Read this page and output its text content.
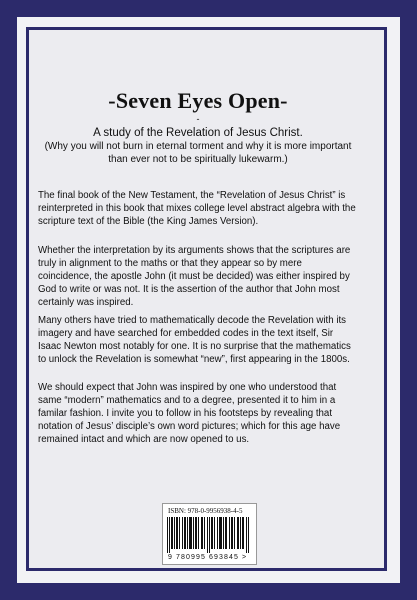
-Seven Eyes Open-

-

A study of the Revelation of Jesus Christ.

(Why you will not burn in eternal torment and why it is more important than ever not to be spiritually lukewarm.)

The final book of the New Testament, the “Revelation of Jesus Christ” is reinterpreted in this book that mixes college level abstract algebra with the scripture text of the Bible (the King James Version).

Whether the interpretation by its arguments shows that the scriptures are truly in alignment to the maths or that they appear so by mere coincidence, the apostle John (it must be decided) was either inspired by God to write or was not. It is the assertion of the author that John most certainly was inspired.

Many others have tried to mathematically decode the Revelation with its imagery and have searched for embedded codes in the text itself, Sir Isaac Newton most notably for one. It is no surprise that the mathematics to unlock the Revelation is somewhat “new”, first appearing in the 1800s.

We should expect that John was inspired by one who understood that same “modern” mathematics and to a degree, presented it to him in a familar fashion. I invite you to follow in his footsteps by revealing that notation of Jesus’ disciple’s own word pictures; which for this age have remained intact and which are now opened to us.

ISBN: 978-0-9956938-4-5
9 780995 693845 >
